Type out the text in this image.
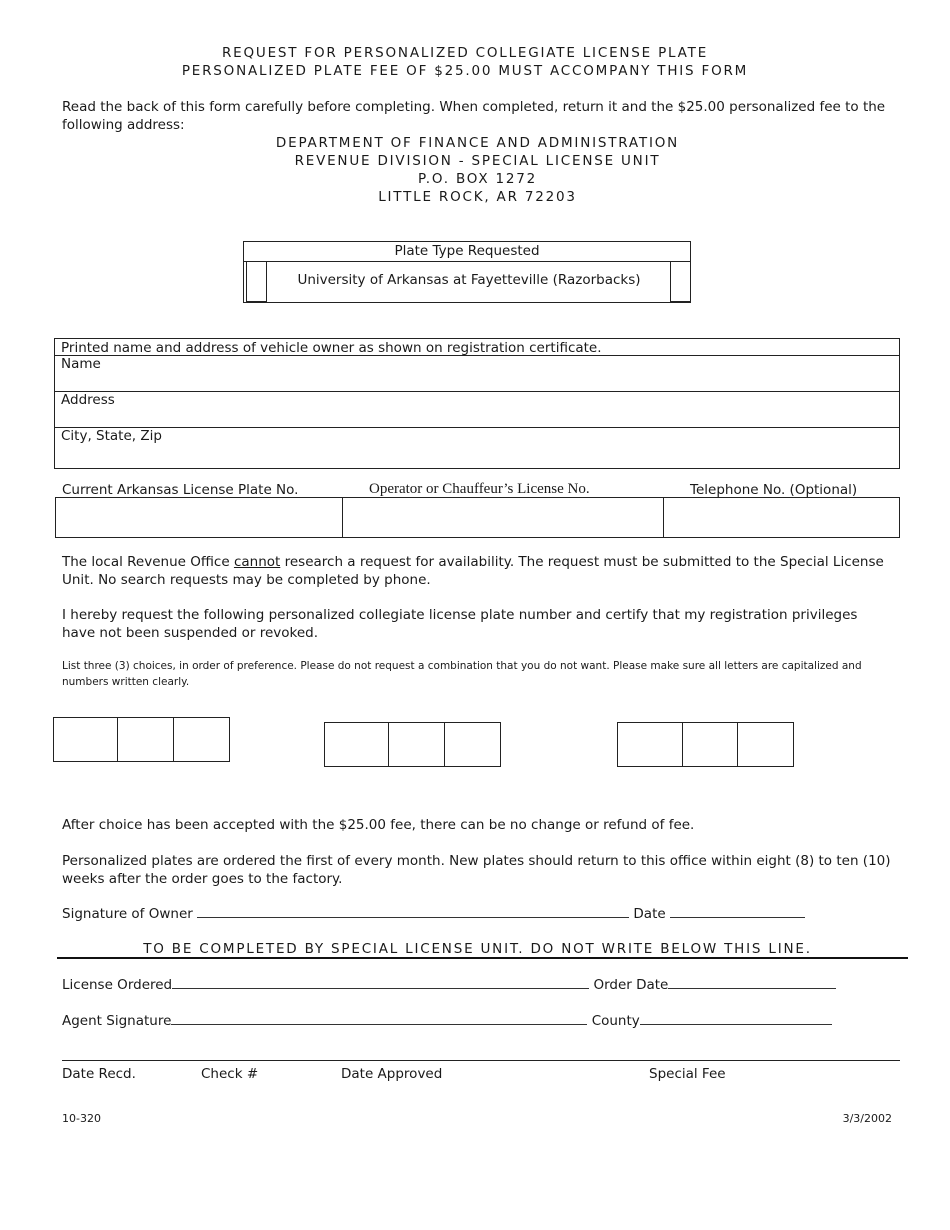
REQUEST FOR PERSONALIZED COLLEGIATE LICENSE PLATE
PERSONALIZED PLATE FEE OF $25.00 MUST ACCOMPANY THIS FORM
Read the back of this form carefully before completing. When completed, return it and the $25.00 personalized fee to the following address:
DEPARTMENT OF FINANCE AND ADMINISTRATION
REVENUE DIVISION - SPECIAL LICENSE UNIT
P.O. BOX 1272
LITTLE ROCK, AR 72203
Plate Type Requested
University of Arkansas at Fayetteville (Razorbacks)
Printed name and address of vehicle owner as shown on registration certificate.
Name
Address
City, State, Zip
Current Arkansas License Plate No.	Operator or Chauffeur’s License No.	Telephone No. (Optional)
The local Revenue Office cannot research a request for availability. The request must be submitted to the Special License Unit. No search requests may be completed by phone.
I hereby request the following personalized collegiate license plate number and certify that my registration privileges have not been suspended or revoked.
List three (3) choices, in order of preference. Please do not request a combination that you do not want. Please make sure all letters are capitalized and numbers written clearly.
After choice has been accepted with the $25.00 fee, there can be no change or refund of fee.
Personalized plates are ordered the first of every month. New plates should return to this office within eight (8) to ten (10) weeks after the order goes to the factory.
Signature of Owner	Date
TO BE COMPLETED BY SPECIAL LICENSE UNIT. DO NOT WRITE BELOW THIS LINE.
License Ordered	Order Date
Agent Signature	County
Date Recd.	Check #	Date Approved	Special Fee
10-320	3/3/2002
